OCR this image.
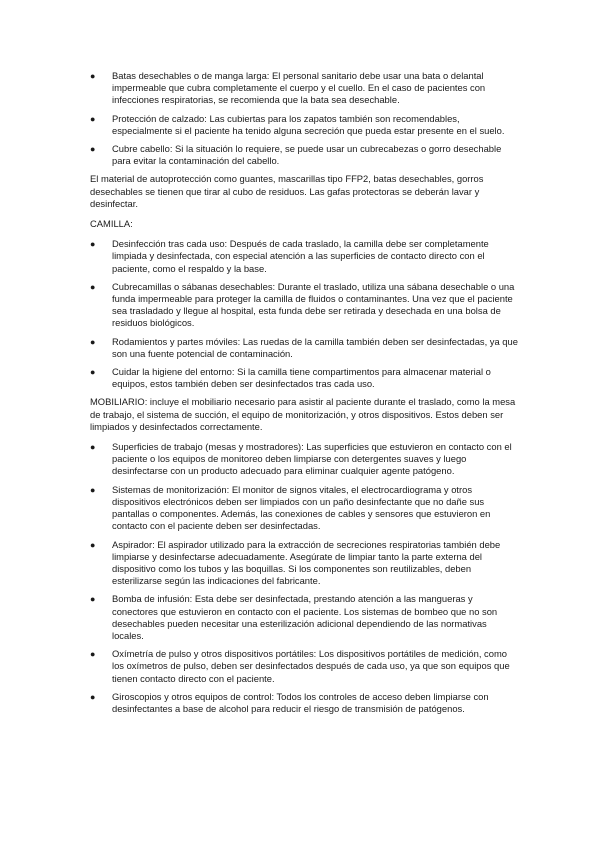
● Batas desechables o de manga larga: El personal sanitario debe usar una bata o delantal impermeable que cubra completamente el cuerpo y el cuello. En el caso de pacientes con infecciones respiratorias, se recomienda que la bata sea desechable.
● Protección de calzado: Las cubiertas para los zapatos también son recomendables, especialmente si el paciente ha tenido alguna secreción que pueda estar presente en el suelo.
● Cubre cabello: Si la situación lo requiere, se puede usar un cubrecabezas o gorro desechable para evitar la contaminación del cabello.

El material de autoprotección como guantes, mascarillas tipo FFP2, batas desechables, gorros desechables se tienen que tirar al cubo de residuos. Las gafas protectoras se deberán lavar y desinfectar.

CAMILLA:

● Desinfección tras cada uso: Después de cada traslado, la camilla debe ser completamente limpiada y desinfectada, con especial atención a las superficies de contacto directo con el paciente, como el respaldo y la base.
● Cubrecamillas o sábanas desechables: Durante el traslado, utiliza una sábana desechable o una funda impermeable para proteger la camilla de fluidos o contaminantes. Una vez que el paciente sea trasladado y llegue al hospital, esta funda debe ser retirada y desechada en una bolsa de residuos biológicos.
● Rodamientos y partes móviles: Las ruedas de la camilla también deben ser desinfectadas, ya que son una fuente potencial de contaminación.
● Cuidar la higiene del entorno: Si la camilla tiene compartimentos para almacenar material o equipos, estos también deben ser desinfectados tras cada uso.

MOBILIARIO: incluye el mobiliario necesario para asistir al paciente durante el traslado, como la mesa de trabajo, el sistema de succión, el equipo de monitorización, y otros dispositivos. Estos deben ser limpiados y desinfectados correctamente.

● Superficies de trabajo (mesas y mostradores): Las superficies que estuvieron en contacto con el paciente o los equipos de monitoreo deben limpiarse con detergentes suaves y luego desinfectarse con un producto adecuado para eliminar cualquier agente patógeno.
● Sistemas de monitorización: El monitor de signos vitales, el electrocardiograma y otros dispositivos electrónicos deben ser limpiados con un paño desinfectante que no dañe sus pantallas o componentes. Además, las conexiones de cables y sensores que estuvieron en contacto con el paciente deben ser desinfectadas.
● Aspirador: El aspirador utilizado para la extracción de secreciones respiratorias también debe limpiarse y desinfectarse adecuadamente. Asegúrate de limpiar tanto la parte externa del dispositivo como los tubos y las boquillas. Si los componentes son reutilizables, deben esterilizarse según las indicaciones del fabricante.
● Bomba de infusión: Esta debe ser desinfectada, prestando atención a las mangueras y conectores que estuvieron en contacto con el paciente. Los sistemas de bombeo que no son desechables pueden necesitar una esterilización adicional dependiendo de las normativas locales.
● Oxímetría de pulso y otros dispositivos portátiles: Los dispositivos portátiles de medición, como los oxímetros de pulso, deben ser desinfectados después de cada uso, ya que son equipos que tienen contacto directo con el paciente.
● Giroscopios y otros equipos de control: Todos los controles de acceso deben limpiarse con desinfectantes a base de alcohol para reducir el riesgo de transmisión de patógenos.
